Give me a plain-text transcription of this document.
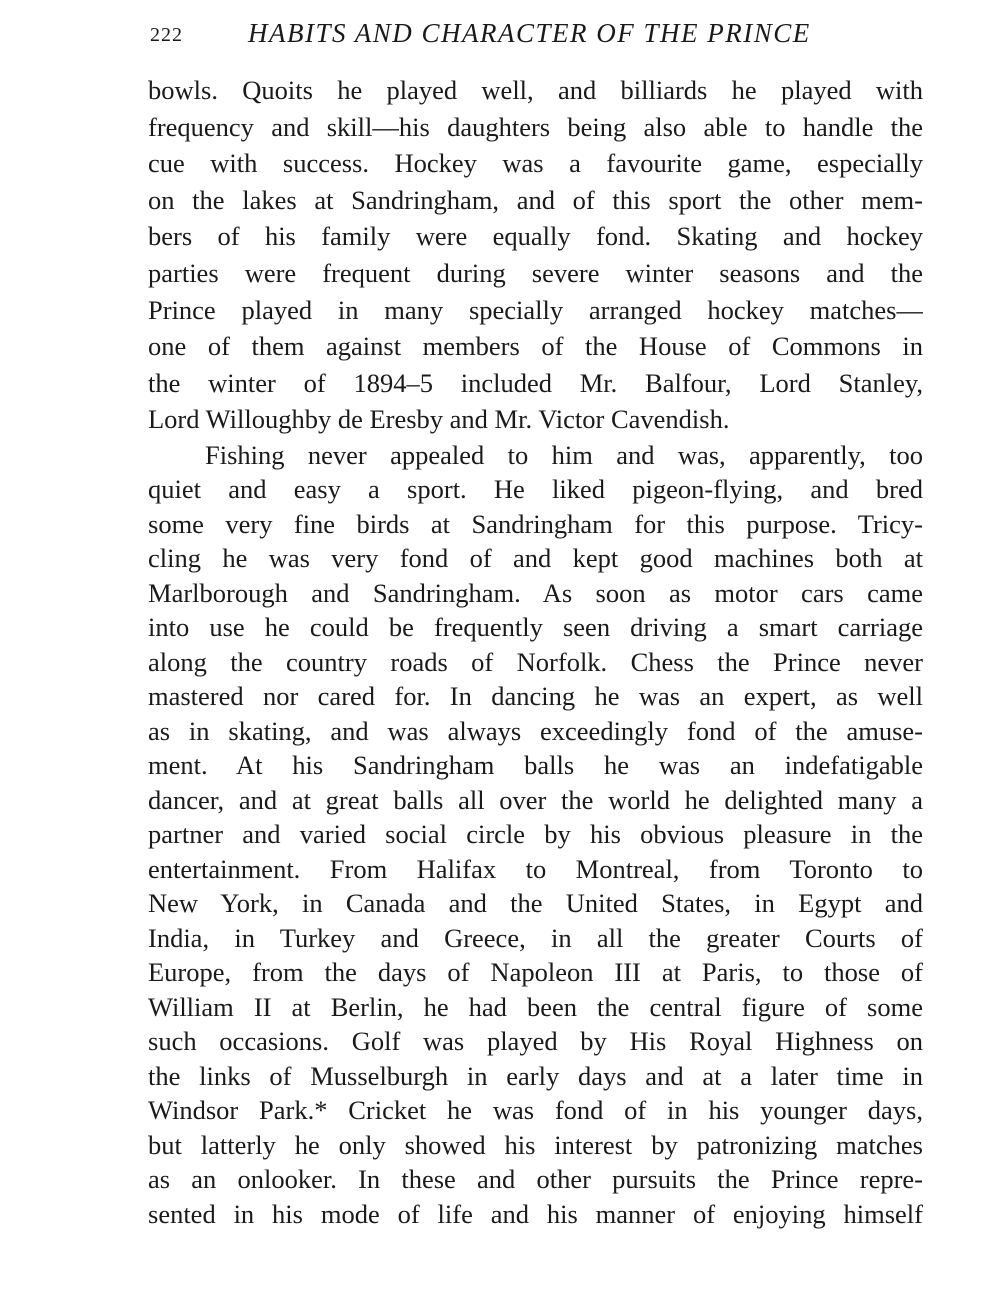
222 HABITS AND CHARACTER OF THE PRINCE
bowls. Quoits he played well, and billiards he played with
frequency and skill—his daughters being also able to handle the
cue with success. Hockey was a favourite game, especially
on the lakes at Sandringham, and of this sport the other mem-
bers of his family were equally fond. Skating and hockey
parties were frequent during severe winter seasons and the
Prince played in many specially arranged hockey matches—
one of them against members of the House of Commons in
the winter of 1894–5 included Mr. Balfour, Lord Stanley,
Lord Willoughby de Eresby and Mr. Victor Cavendish.
Fishing never appealed to him and was, apparently, too
quiet and easy a sport. He liked pigeon-flying, and bred
some very fine birds at Sandringham for this purpose. Tricy-
cling he was very fond of and kept good machines both at
Marlborough and Sandringham. As soon as motor cars came
into use he could be frequently seen driving a smart carriage
along the country roads of Norfolk. Chess the Prince never
mastered nor cared for. In dancing he was an expert, as well
as in skating, and was always exceedingly fond of the amuse-
ment. At his Sandringham balls he was an indefatigable
dancer, and at great balls all over the world he delighted many a
partner and varied social circle by his obvious pleasure in the
entertainment. From Halifax to Montreal, from Toronto to
New York, in Canada and the United States, in Egypt and
India, in Turkey and Greece, in all the greater Courts of
Europe, from the days of Napoleon III at Paris, to those of
William II at Berlin, he had been the central figure of some
such occasions. Golf was played by His Royal Highness on
the links of Musselburgh in early days and at a later time in
Windsor Park.* Cricket he was fond of in his younger days,
but latterly he only showed his interest by patronizing matches
as an onlooker. In these and other pursuits the Prince repre-
sented in his mode of life and his manner of enjoying himself
